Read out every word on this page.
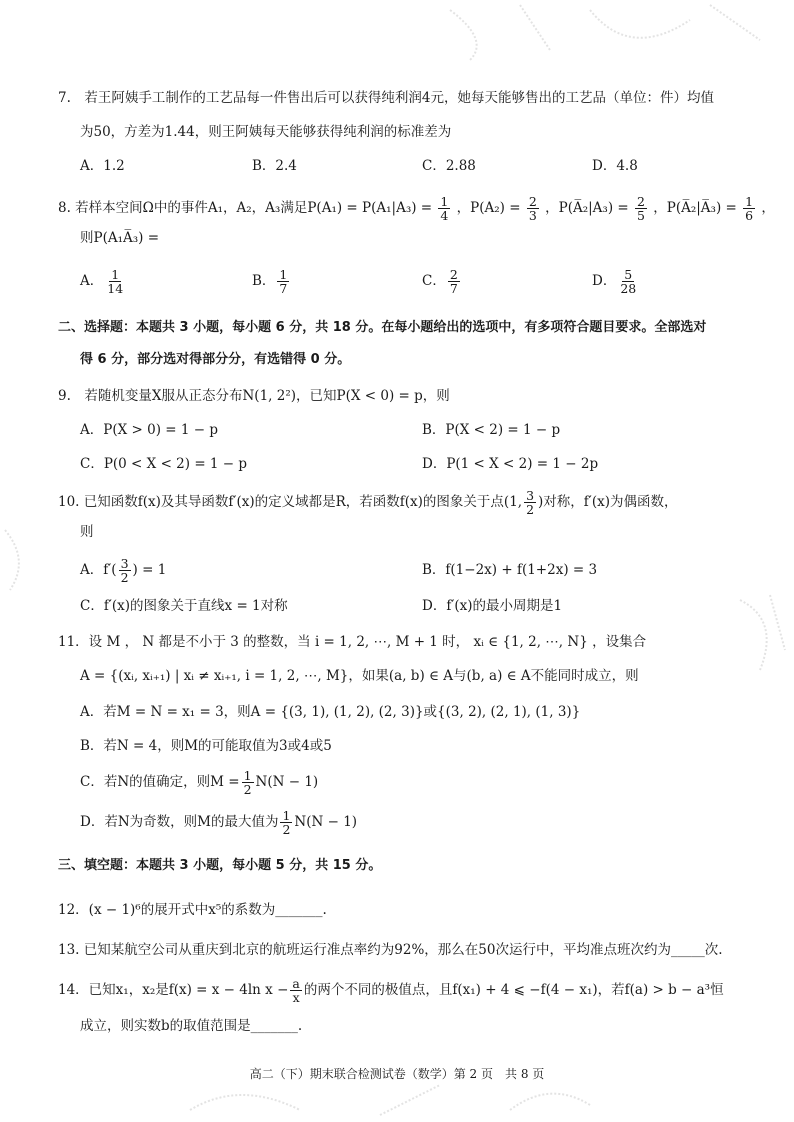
7.　若王阿姨手工制作的工艺品每一件售出后可以获得纯利润4元，她每天能够售出的工艺品（单位：件）均值
为50，方差为1.44，则王阿姨每天能够获得纯利润的标准差为
A．1.2	B．2.4	C．2.88	D．4.8
8. 若样本空间Ω中的事件A₁，A₂，A₃满足$P(A_1) = P(A_1|A_3) = \frac{1}{4}$ ，$P(A_2) = \frac{2}{3}$ ，P(A̅₂|A₃) = $\frac{2}{5}$ ，P(A̅₂|A̅₃) = $\frac{1}{6}$ ，
则P(A₁A̅₃) =
A． $\frac{1}{14}$	B． $\frac{1}{7}$	C． $\frac{2}{7}$	D． $\frac{5}{28}$
二、选择题：本题共 3 小题，每小题 6 分，共 18 分。在每小题给出的选项中，有多项符合题目要求。全部选对
得 6 分，部分选对得部分分，有选错得 0 分。
9.　若随机变量X服从正态分布N(1, 2²)，已知P(X < 0) = p，则
A．P(X > 0) = 1 − p	B．P(X < 2) = 1 − p
C．P(0 < X < 2) = 1 − p	D．P(1 < X < 2) = 1 − 2p
10. 已知函数f(x)及其导函数f′(x)的定义域都是R，若函数f(x)的图象关于点(1, $\frac{3}{2}$ )对称，f′(x)为偶函数，
则
A．$f'( \frac{3}{2}$ ) = 1	B．f(1−2x) + f(1+2x) = 3
C．f′(x)的图象关于直线x = 1对称	D．f′(x)的最小周期是1
11．设 M ， N 都是不小于 3 的整数，当 i = 1, 2, ⋯, M + 1 时， xᵢ ∈ {1, 2, ⋯, N} ，设集合
A = {(xᵢ, xᵢ₊₁) | xᵢ ≠ xᵢ₊₁, i = 1, 2, ⋯, M}，如果(a, b) ∈ A与(b, a) ∈ A不能同时成立，则
A．若M = N = x₁ = 3，则A = {(3, 1), (1, 2), (2, 3)}或{(3, 2), (2, 1), (1, 3)}
B．若N = 4，则M的可能取值为3或4或5
C．若N的值确定，则$M = \frac{1}{2} N(N - 1)$
D．若N为奇数，则M的最大值为 $\frac{1}{2} N(N - 1)$
三、填空题：本题共 3 小题，每小题 5 分，共 15 分。
12．(x − 1)⁶的展开式中x⁵的系数为_______.
13. 已知某航空公司从重庆到北京的航班运行准点率约为92%，那么在50次运行中，平均准点班次约为_____次.
14．已知x₁，x₂是f(x) = x − 4ln $x - \frac{a}{x}$ 的两个不同的极值点，且f(x₁) + 4 ⩽ −f(4 − x₁)，若f(a) > b − a³恒
成立，则实数b的取值范围是_______.
高二（下）期末联合检测试卷（数学）第 2 页　共 8 页
